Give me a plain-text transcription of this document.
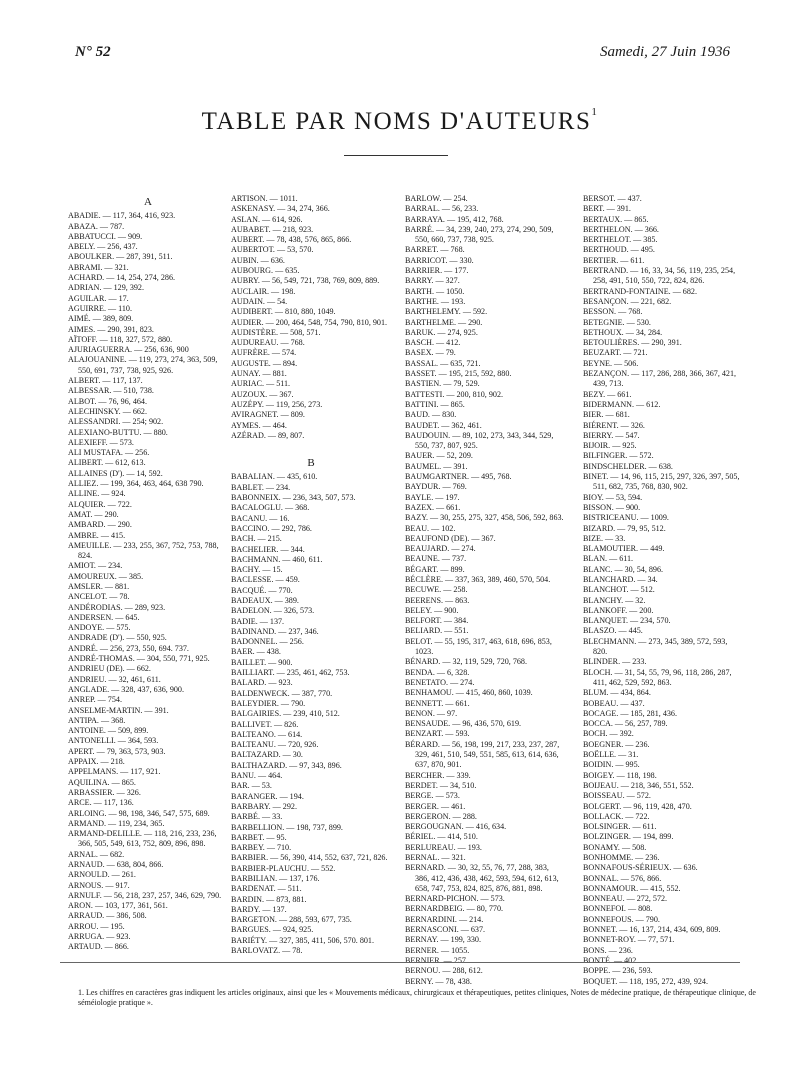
N° 52	Samedi, 27 Juin 1936
TABLE PAR NOMS D'AUTEURS$^1$
A
ABADIE. — 117, 364, 416, 923.
ABAZA. — 787.
ABBATUCCI. — 909.
ABELY. — 256, 437.
ABOULKER. — 287, 391, 511.
ABRAMI. — 321.
ACHARD. — 14, 254, 274, 286.
ADRIAN. — 129, 392.
AGUILAR. — 17.
AGUIRRE. — 110.
AIMÉ. — 389, 809.
AIMES. — 290, 391, 823.
AÏTOFF. — 118, 327, 572, 880.
AJURIAGUERRA. — 256, 636, 900
ALAJOUANINE. — 119, 273, 274, 363, 509, 550, 691, 737, 738, 925, 926.
ALBERT. — 117, 137.
ALBESSAR. — 510, 738.
ALBOT. — 76, 96, 464.
ALECHINSKY. — 662.
ALESSANDRI. — 254; 902.
ALEXIANO-BUTTU. — 880.
ALEXIEFF. — 573.
ALI MUSTAFA. — 256.
ALIBERT. — 612, 613.
ALLAINES (D'). — 14, 592.
ALLIEZ. — 199, 364, 463, 464, 638 790.
ALLINE. — 924.
ALQUIER. — 722.
AMAT. — 290.
AMBARD. — 290.
AMBRE. — 415.
AMEUILLE. — 233, 255, 367, 752, 753, 788, 824.
AMIOT. — 234.
AMOUREUX. — 385.
AMSLER. — 881.
ANCELOT. — 78.
ANDÉRODIAS. — 289, 923.
ANDERSEN. — 645.
ANDOYE. — 575.
ANDRADE (D'). — 550, 925.
ANDRÉ. — 256, 273, 550, 694. 737.
ANDRÉ-THOMAS. — 304, 550, 771, 925.
ANDRIEU (DE). — 662.
ANDRIEU. — 32, 461, 611.
ANGLADE. — 328, 437, 636, 900.
ANREP. — 754.
ANSELME-MARTIN. — 391.
ANTIPA. — 368.
ANTOINE. — 509, 899.
ANTONELLI. — 364, 593.
APERT. — 79, 363, 573, 903.
APPAIX. — 218.
APPELMANS. — 117, 921.
AQUILINA. — 865.
ARBASSIER. — 326.
ARCE. — 117, 136.
ARLOING. — 98, 198, 346, 547, 575, 689.
ARMAND. — 119, 234, 365.
ARMAND-DELILLE. — 118, 216, 233, 236, 366, 505, 549, 613, 752, 809, 896, 898.
ARNAL. — 682.
ARNAUD. — 638, 804, 866.
ARNOULD. — 261.
ARNOUS. — 917.
ARNULF. — 56, 218, 237, 257, 346, 629, 790.
ARON. — 103, 177, 361, 561.
ARRAUD. — 386, 508.
ARROU. — 195.
ARRUGA. — 923.
ARTAUD. — 866.
ARTISON. — 1011.
ASKENASY. — 34, 274, 366.
ASLAN. — 614, 926.
AUBABET. — 218, 923.
AUBERT. — 78, 438, 576, 865, 866.
AUBERTOT. — 53, 570.
AUBIN. — 636.
AUBOURG. — 635.
AUBRY. — 56, 549, 721, 738, 769, 809, 889.
AUCLAIR. — 198.
AUDAIN. — 54.
AUDIBERT. — 810, 880, 1049.
AUDIER. — 200, 464, 548, 754, 790, 810, 901.
AUDISTÈRE. — 508, 571.
AUDUREAU. — 768.
AUFRÈRE. — 574.
AUGUSTE. — 894.
AUNAY. — 881.
AURIAC. — 511.
AUZOUX. — 367.
AUZÉPY. — 119, 256, 273.
AVIRAGNET. — 809.
AYMES. — 464.
AZÉRAD. — 89, 807.
B
BABALIAN. — 435, 610.
BABLET. — 234.
BABONNEIX. — 236, 343, 507, 573.
BACALOGLU. — 368.
BACANU. — 16.
BACCINO. — 292, 786.
BACH. — 215.
BACHELIER. — 344.
BACHMANN. — 460, 611.
BACHY. — 15.
BACLESSE. — 459.
BACQUÉ. — 770.
BADEAUX. — 389.
BADELON. — 326, 573.
BADIE. — 137.
BADINAND. — 237, 346.
BADONNEL. — 256.
BAER. — 438.
BAILLET. — 900.
BAILLIART. — 235, 461, 462, 753.
BALARD. — 923.
BALDENWECK. — 387, 770.
BALEYDIER. — 790.
BALGAIRIES. — 239, 410, 512.
BALLIVET. — 826.
BALTEANO. — 614.
BALTEANU. — 720, 926.
BALTAZARD. — 30.
BALTHAZARD. — 97, 343, 896.
BANU. — 464.
BAR. — 53.
BARANGER. — 194.
BARBARY. — 292.
BARBÉ. — 33.
BARBELLION. — 198, 737, 899.
BARBET. — 95.
BARBEY. — 710.
BARBIER. — 56, 390, 414, 552, 637, 721, 826.
BARBIER-PLAUCHU. — 552.
BARBILIAN. — 137, 176.
BARDENAT. — 511.
BARDIN. — 873, 881.
BARDY. — 137.
BARGETON. — 288, 593, 677, 735.
BARGUES. — 924, 925.
BARIÉTY. — 327, 385, 411, 506, 570. 801.
BARLOVATZ. — 78.
BARLOW. — 254.
BARRAL. — 56, 233.
BARRAYA. — 195, 412, 768.
BARRÉ. — 34, 239, 240, 273, 274, 290, 509, 550, 660, 737, 738, 925.
BARRET. — 768.
BARRICOT. — 330.
BARRIER. — 177.
BARRY. — 327.
BARTH. — 1050.
BARTHE. — 193.
BARTHELEMY. — 592.
BARTHELME. — 290.
BARUK. — 274, 925.
BASCH. — 412.
BASEX. — 79.
BASSAL. — 635, 721.
BASSET. — 195, 215, 592, 880.
BASTIEN. — 79, 529.
BATTESTI. — 200, 810, 902.
BATTINI. — 865.
BAUD. — 830.
BAUDET. — 362, 461.
BAUDOUIN. — 89, 102, 273, 343, 344, 529, 550, 737, 807, 925.
BAUER. — 52, 209.
BAUMEL. — 391.
BAUMGARTNER. — 495, 768.
BAYDUR. — 769.
BAYLE. — 197.
BAZEX. — 661.
BAZY. — 30, 255, 275, 327, 458, 506, 592, 863.
BEAU. — 102.
BEAUFOND (DE). — 367.
BEAUJARD. — 274.
BEAUNE. — 737.
BÉGART. — 899.
BÉCLÈRE. — 337, 363, 389, 460, 570, 504.
BECUWE. — 258.
BEERENS. — 863.
BELEY. — 900.
BELFORT. — 384.
BELIARD. — 551.
BELOT. — 55, 195, 317, 463, 618, 696, 853, 1023.
BÉNARD. — 32, 119, 529, 720, 768.
BENDA. — 6, 328.
BENETATO. — 274.
BENHAMOU. — 415, 460, 860, 1039.
BENNETT. — 661.
BENON. — 97.
BENSAUDE. — 96, 436, 570, 619.
BENZART. — 593.
BÉRARD. — 56, 198, 199, 217, 233, 237, 287, 329, 461, 510, 549, 551, 585, 613, 614, 636, 637, 870, 901.
BERCHER. — 339.
BERDET. — 34, 510.
BERGE. — 573.
BERGER. — 461.
BERGERON. — 288.
BERGOUGNAN. — 416, 634.
BÉRIEL. — 414, 510.
BERLUREAU. — 193.
BERNAL. — 321.
BERNARD. — 30, 32, 55, 76, 77, 288, 383, 386, 412, 436, 438, 462, 593, 594, 612, 613, 658, 747, 753, 824, 825, 876, 881, 898.
BERNARD-PICHON. — 573.
BERNARDBEIG. — 80, 770.
BERNARDINI. — 214.
BERNASCONI. — 637.
BERNAY. — 199, 330.
BERNER. — 1055.
BERNIER. — 257.
BERNOU. — 288, 612.
BERNY. — 78, 438.
BERSOT. — 437.
BERT. — 391.
BERTAUX. — 865.
BERTHELON. — 366.
BERTHELOT. — 385.
BERTHOUD. — 495.
BERTIER. — 611.
BERTRAND. — 16, 33, 34, 56, 119, 235, 254, 258, 491, 510, 550, 722, 824, 826.
BERTRAND-FONTAINE. — 682.
BESANÇON. — 221, 682.
BESSON. — 768.
BETEGNIE. — 530.
BETHOUX. — 34, 284.
BETOULIÈRES. — 290, 391.
BEUZART. — 721.
BEYNE. — 506.
BEZANÇON. — 117, 286, 288, 366, 367, 421, 439, 713.
BEZY. — 661.
BIDERMANN. — 612.
BIER. — 681.
BIÉRENT. — 326.
BIERRY. — 547.
BIJOIR. — 925.
BILFINGER. — 572.
BINDSCHELDER. — 638.
BINET. — 14, 96, 115, 215, 297, 326, 397, 505, 511, 682, 735, 768, 830, 902.
BIOY. — 53, 594.
BISSON. — 900.
BISTRICEANU. — 1009.
BIZARD. — 79, 95, 512.
BIZE. — 33.
BLAMOUTIER. — 449.
BLAN. — 611.
BLANC. — 30, 54, 896.
BLANCHARD. — 34.
BLANCHOT. — 512.
BLANCHY. — 32.
BLANKOFF. — 200.
BLANQUET. — 234, 570.
BLASZO. — 445.
BLECHMANN. — 273, 345, 389, 572, 593, 820.
BLINDER. — 233.
BLOCH. — 31, 54, 55, 79, 96, 118, 286, 287, 411, 462, 529, 592, 863.
BLUM. — 434, 864.
BOBEAU. — 437.
BOCAGE. — 185, 281, 436.
BOCCA. — 56, 257, 789.
BOCH. — 392.
BOEGNER. — 236.
BOËLLE. — 31.
BOIDIN. — 995.
BOIGEY. — 118, 198.
BOIJEAU. — 218, 346, 551, 552.
BOISSEAU. — 572.
BOLGERT. — 96, 119, 428, 470.
BOLLACK. — 722.
BOLSINGER. — 611.
BOLZINGER. — 194, 899.
BONAMY. — 508.
BONHOMME. — 236.
BONNAFOUS-SÉRIEUX. — 636.
BONNAL. — 576, 866.
BONNAMOUR. — 415, 552.
BONNEAU. — 272, 572.
BONNEFOI. — 808.
BONNEFOUS. — 790.
BONNET. — 16, 137, 214, 434, 609, 809.
BONNET-ROY. — 77, 571.
BONS. — 236.
BONTÉ. — 402.
BOPPE. — 236, 593.
BOQUET. — 118, 195, 272, 439, 924.
1. Les chiffres en caractères gras indiquent les articles originaux, ainsi que les « Mouvements médicaux, chirurgicaux et thérapeutiques, petites cliniques, Notes de médecine pratique, de thérapeutique clinique, de séméiologie pratique ».
